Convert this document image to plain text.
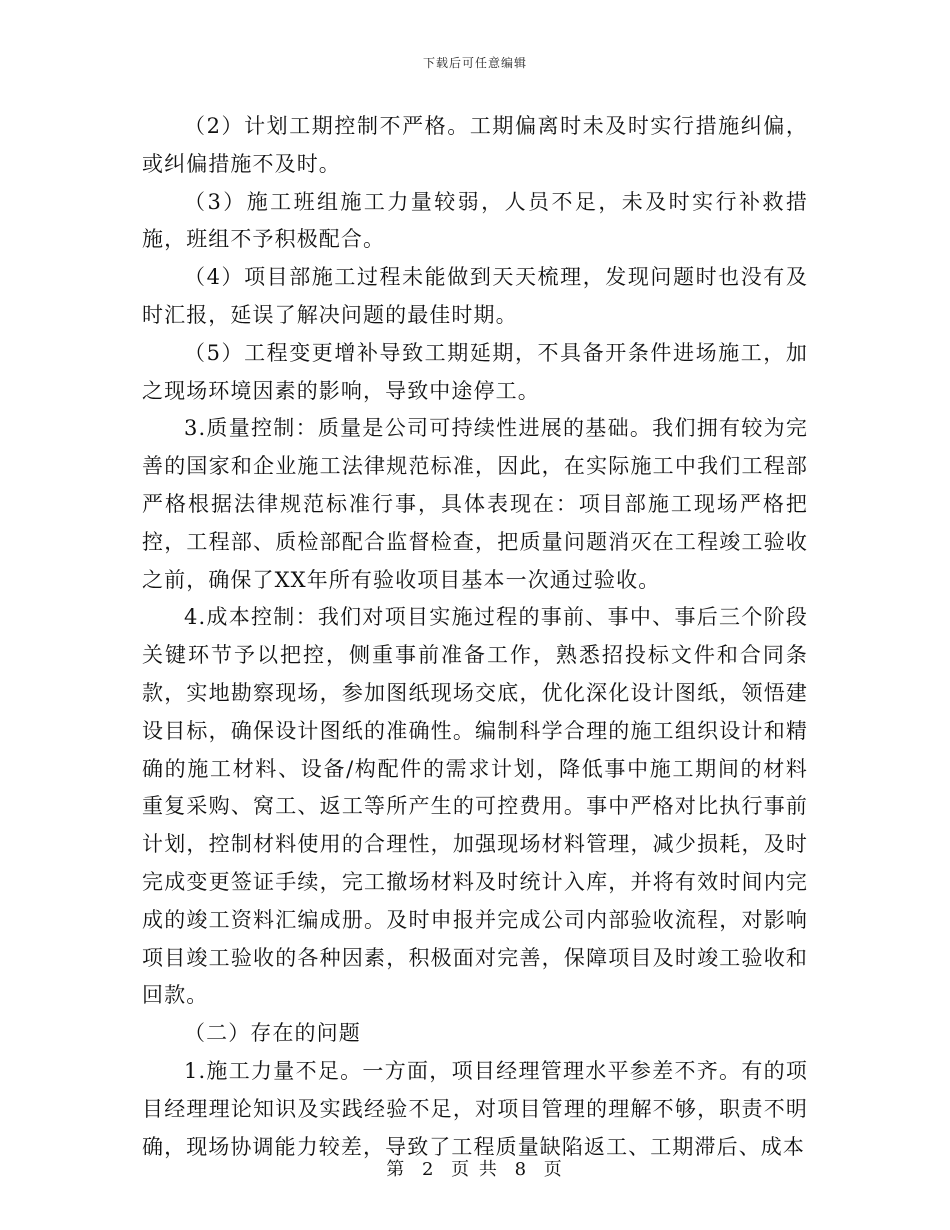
下载后可任意编辑

（2）计划工期控制不严格。工期偏离时未及时实行措施纠偏，或纠偏措施不及时。

（3）施工班组施工力量较弱，人员不足，未及时实行补救措施，班组不予积极配合。

（4）项目部施工过程未能做到天天梳理，发现问题时也没有及时汇报，延误了解决问题的最佳时期。

（5）工程变更增补导致工期延期，不具备开条件进场施工，加之现场环境因素的影响，导致中途停工。

3.质量控制：质量是公司可持续性进展的基础。我们拥有较为完善的国家和企业施工法律规范标准，因此，在实际施工中我们工程部严格根据法律规范标准行事，具体表现在：项目部施工现场严格把控，工程部、质检部配合监督检查，把质量问题消灭在工程竣工验收之前，确保了XX年所有验收项目基本一次通过验收。

4.成本控制：我们对项目实施过程的事前、事中、事后三个阶段关键环节予以把控，侧重事前准备工作，熟悉招投标文件和合同条款，实地勘察现场，参加图纸现场交底，优化深化设计图纸，领悟建设目标，确保设计图纸的准确性。编制科学合理的施工组织设计和精确的施工材料、设备/构配件的需求计划，降低事中施工期间的材料重复采购、窝工、返工等所产生的可控费用。事中严格对比执行事前计划，控制材料使用的合理性，加强现场材料管理，减少损耗，及时完成变更签证手续，完工撤场材料及时统计入库，并将有效时间内完成的竣工资料汇编成册。及时申报并完成公司内部验收流程，对影响项目竣工验收的各种因素，积极面对完善，保障项目及时竣工验收和回款。

（二）存在的问题

1.施工力量不足。一方面，项目经理管理水平参差不齐。有的项目经理理论知识及实践经验不足，对项目管理的理解不够，职责不明确，现场协调能力较差，导致了工程质量缺陷返工、工期滞后、成本

第 2 页 共 8 页
